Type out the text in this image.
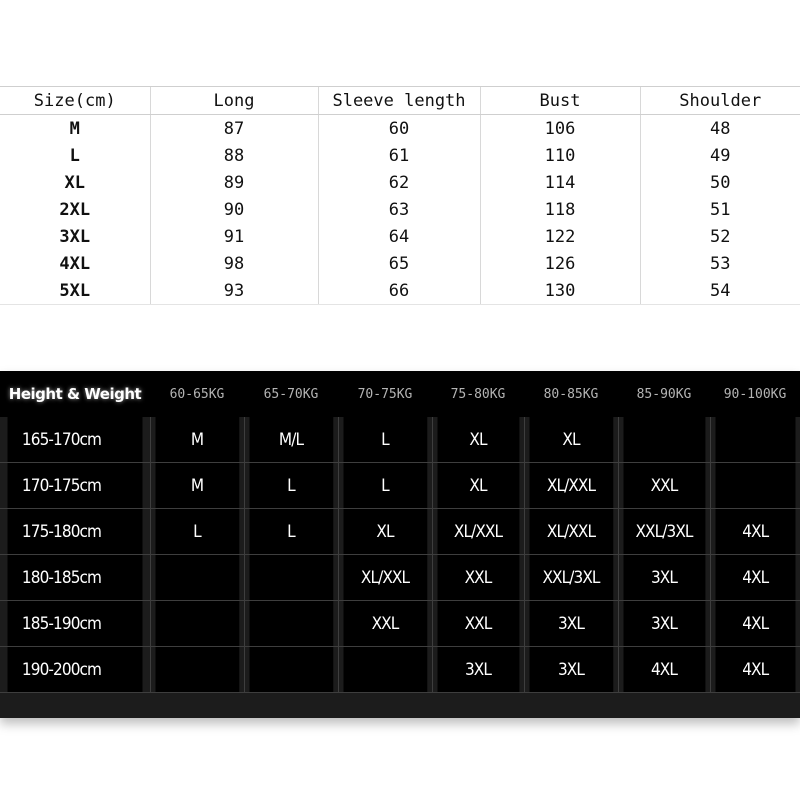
Size(cm)	Long	Sleeve length	Bust	Shoulder
M	87	60	106	48
L	88	61	110	49
XL	89	62	114	50
2XL	90	63	118	51
3XL	91	64	122	52
4XL	98	65	126	53
5XL	93	66	130	54
Height & Weight	60-65KG	65-70KG	70-75KG	75-80KG	80-85KG	85-90KG	90-100KG
165-170cm	M	M/L	L	XL	XL		
170-175cm	M	L	L	XL	XL/XXL	XXL	
175-180cm	L	L	XL	XL/XXL	XL/XXL	XXL/3XL	4XL
180-185cm			XL/XXL	XXL	XXL/3XL	3XL	4XL
185-190cm			XXL	XXL	3XL	3XL	4XL
190-200cm				3XL	3XL	4XL	4XL
